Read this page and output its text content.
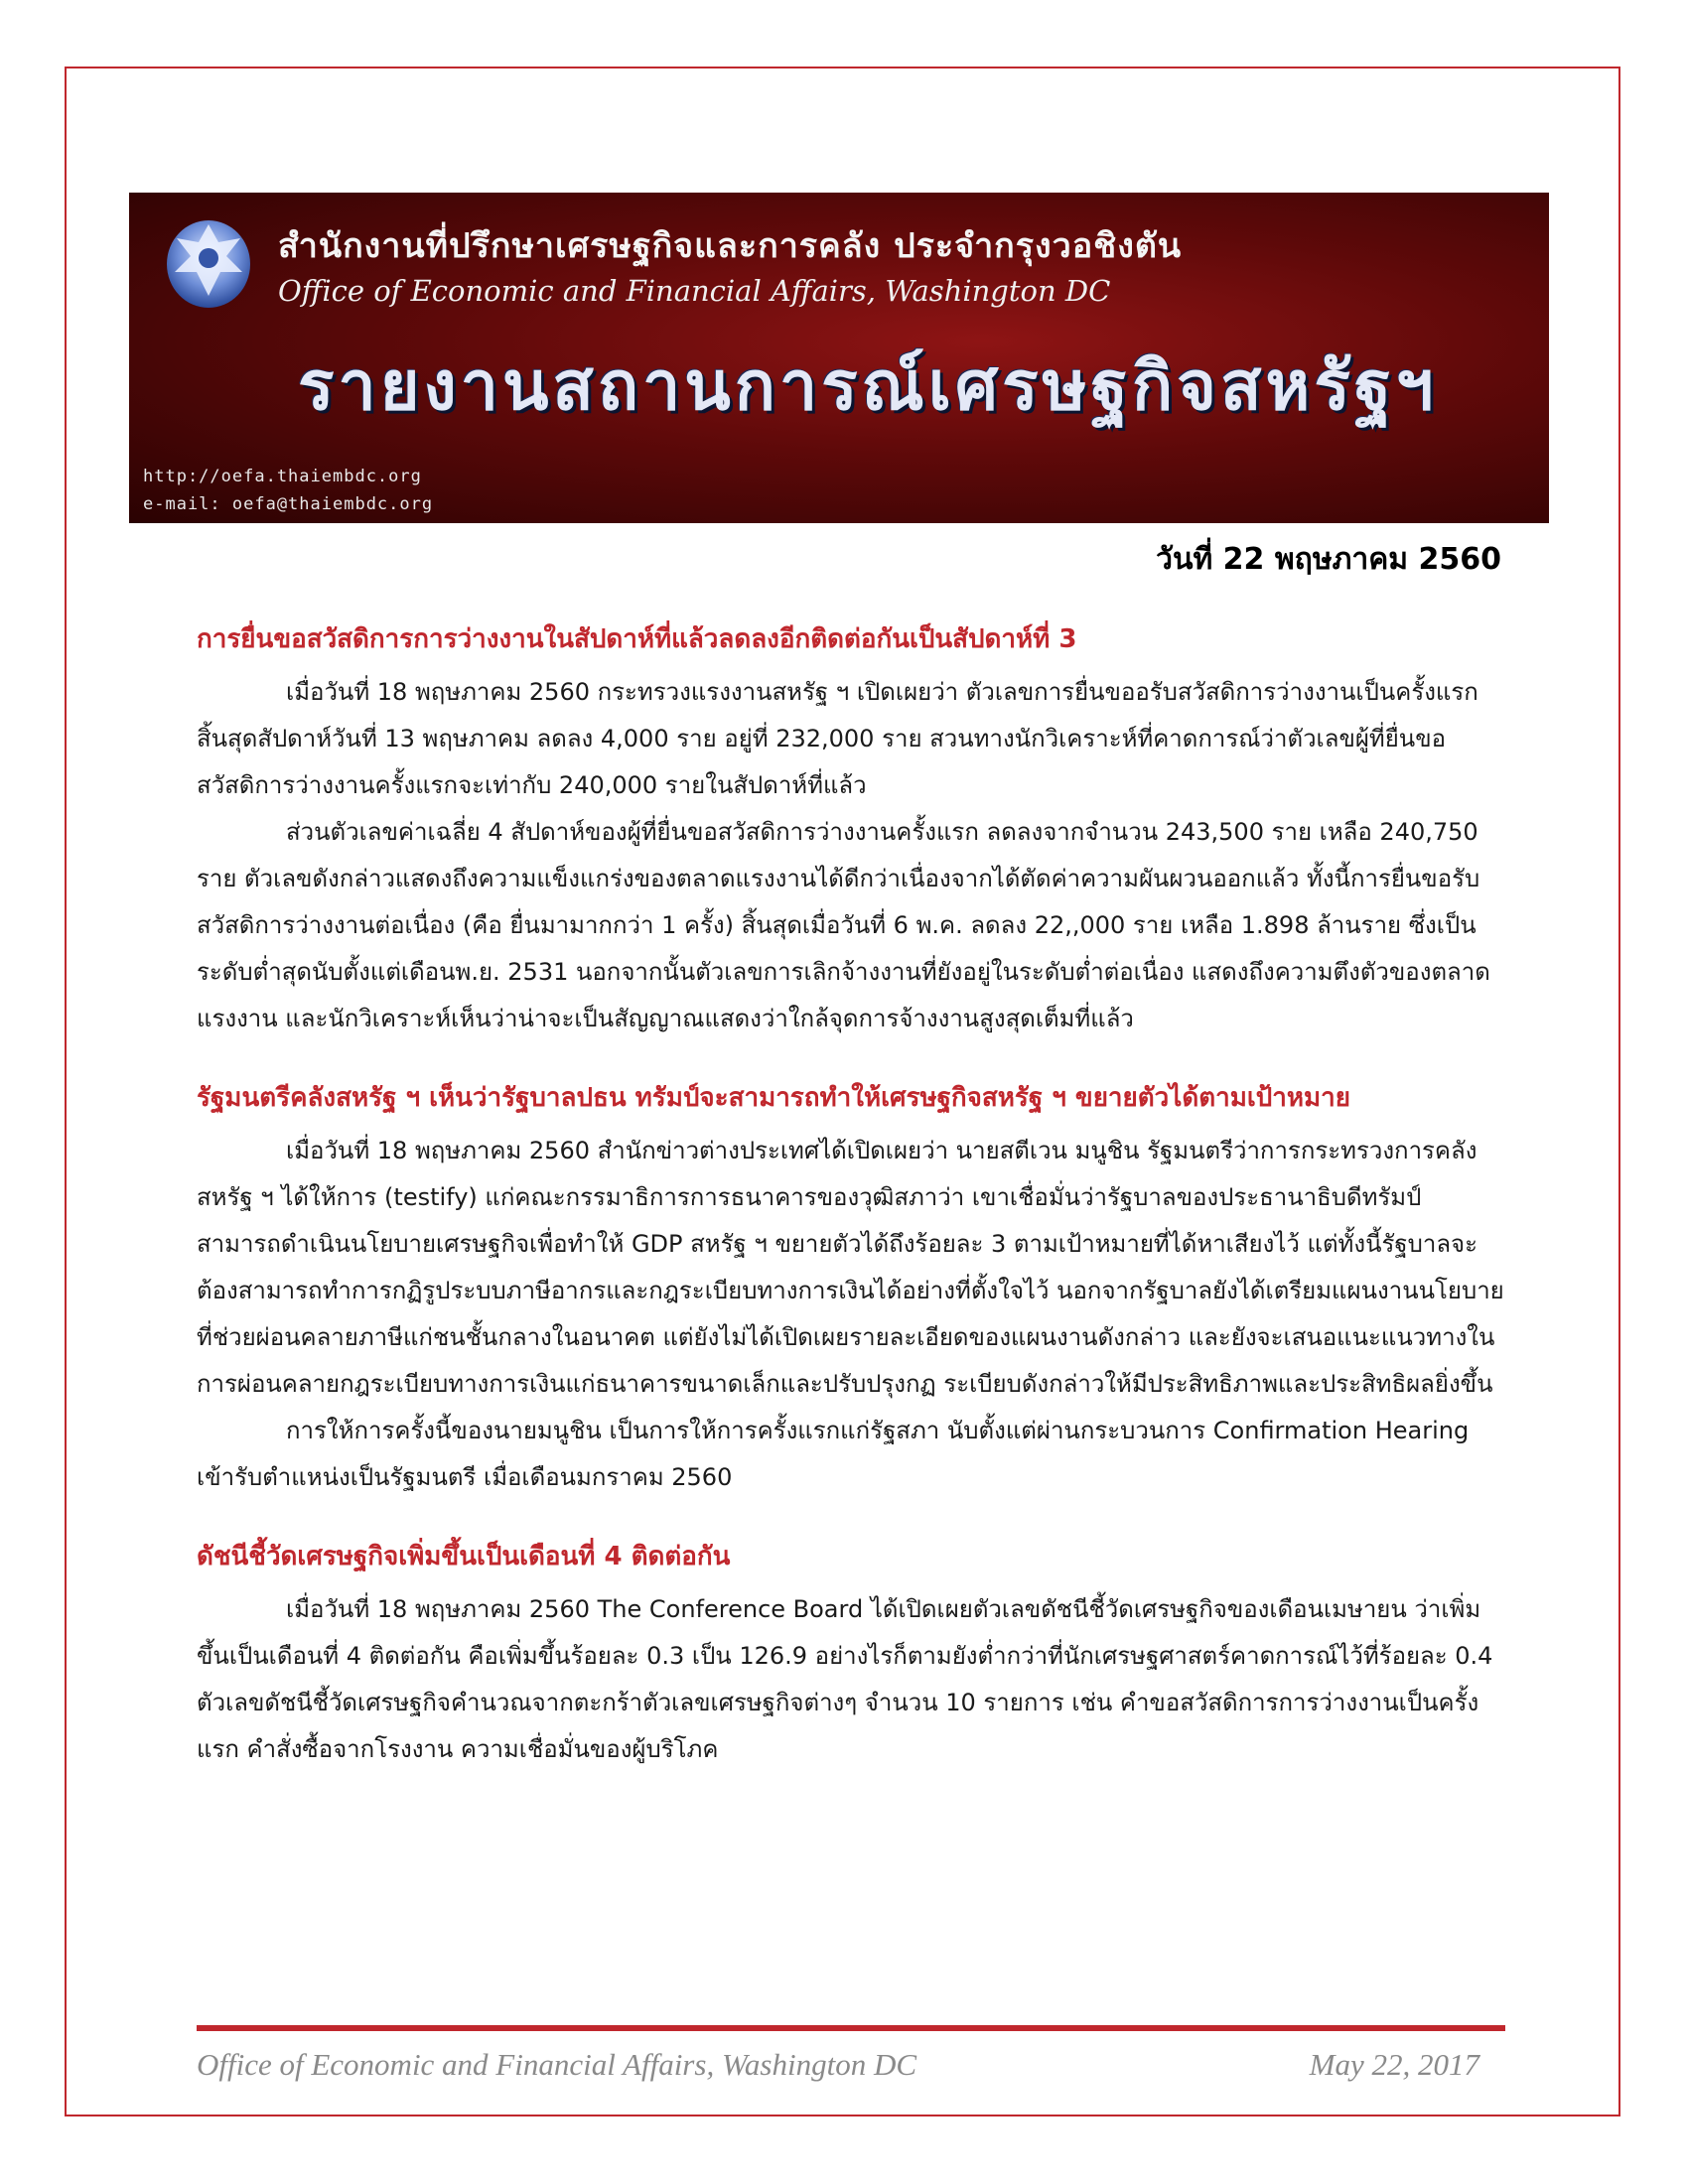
สำนักงานที่ปรึกษาเศรษฐกิจและการคลัง ประจำกรุงวอชิงตัน
Office of Economic and Financial Affairs, Washington DC
รายงานสถานการณ์เศรษฐกิจสหรัฐฯ
http://oefa.thaiembdc.org
e-mail: oefa@thaiembdc.org
วันที่ 22 พฤษภาคม 2560
การยื่นขอสวัสดิการการว่างงานในสัปดาห์ที่แล้วลดลงอีกติดต่อกันเป็นสัปดาห์ที่ 3

เมื่อวันที่ 18 พฤษภาคม 2560 กระทรวงแรงงานสหรัฐ ฯ เปิดเผยว่า ตัวเลขการยื่นขออรับสวัสดิการว่างงานเป็นครั้งแรกสิ้นสุดสัปดาห์วันที่ 13 พฤษภาคม ลดลง 4,000 ราย อยู่ที่ 232,000 ราย สวนทางนักวิเคราะห์ที่คาดการณ์ว่าตัวเลขผู้ที่ยื่นขอสวัสดิการว่างงานครั้งแรกจะเท่ากับ 240,000 รายในสัปดาห์ที่แล้ว

ส่วนตัวเลขค่าเฉลี่ย 4 สัปดาห์ของผู้ที่ยื่นขอสวัสดิการว่างงานครั้งแรก ลดลงจากจำนวน 243,500 ราย เหลือ 240,750 ราย ตัวเลขดังกล่าวแสดงถึงความแข็งแกร่งของตลาดแรงงานได้ดีกว่าเนื่องจากได้ตัดค่าความผันผวนออกแล้ว ทั้งนี้การยื่นขอรับสวัสดิการว่างงานต่อเนื่อง (คือ ยื่นมามากกว่า 1 ครั้ง) สิ้นสุดเมื่อวันที่ 6 พ.ค. ลดลง 22,,000 ราย เหลือ 1.898 ล้านราย ซึ่งเป็นระดับต่ำสุดนับตั้งแต่เดือนพ.ย. 2531 นอกจากนั้นตัวเลขการเลิกจ้างงานที่ยังอยู่ในระดับต่ำต่อเนื่อง แสดงถึงความตึงตัวของตลาดแรงงาน และนักวิเคราะห์เห็นว่าน่าจะเป็นสัญญาณแสดงว่าใกล้จุดการจ้างงานสูงสุดเต็มที่แล้ว

รัฐมนตรีคลังสหรัฐ ฯ เห็นว่ารัฐบาลปธน ทรัมป์จะสามารถทำให้เศรษฐกิจสหรัฐ ฯ ขยายตัวได้ตามเป้าหมาย

เมื่อวันที่ 18 พฤษภาคม 2560 สำนักข่าวต่างประเทศได้เปิดเผยว่า นายสตีเวน มนูชิน รัฐมนตรีว่าการกระทรวงการคลังสหรัฐ ฯ ได้ให้การ (testify) แก่คณะกรรมาธิการการธนาคารของวุฒิสภาว่า เขาเชื่อมั่นว่ารัฐบาลของประธานาธิบดีทรัมป์สามารถดำเนินนโยบายเศรษฐกิจเพื่อทำให้ GDP สหรัฐ ฯ ขยายตัวได้ถึงร้อยละ 3 ตามเป้าหมายที่ได้หาเสียงไว้ แต่ทั้งนี้รัฐบาลจะต้องสามารถทำการกฏิรูประบบภาษีอากรและกฎระเบียบทางการเงินได้อย่างที่ตั้งใจไว้ นอกจากรัฐบาลยังได้เตรียมแผนงานนโยบายที่ช่วยผ่อนคลายภาษีแก่ชนชั้นกลางในอนาคต แต่ยังไม่ได้เปิดเผยรายละเอียดของแผนงานดังกล่าว และยังจะเสนอแนะแนวทางในการผ่อนคลายกฎระเบียบทางการเงินแก่ธนาคารขนาดเล็กและปรับปรุงกฏ ระเบียบดังกล่าวให้มีประสิทธิภาพและประสิทธิผลยิ่งขึ้น

การให้การครั้งนี้ของนายมนูชิน เป็นการให้การครั้งแรกแก่รัฐสภา นับตั้งแต่ผ่านกระบวนการ Confirmation Hearing เข้ารับตำแหน่งเป็นรัฐมนตรี เมื่อเดือนมกราคม 2560

ดัชนีชี้วัดเศรษฐกิจเพิ่มขึ้นเป็นเดือนที่ 4 ติดต่อกัน

เมื่อวันที่ 18 พฤษภาคม 2560 The Conference Board ได้เปิดเผยตัวเลขดัชนีชี้วัดเศรษฐกิจของเดือนเมษายน ว่าเพิ่มขึ้นเป็นเดือนที่ 4 ติดต่อกัน คือเพิ่มขึ้นร้อยละ 0.3 เป็น 126.9 อย่างไรก็ตามยังต่ำกว่าที่นักเศรษฐศาสตร์คาดการณ์ไว้ที่ร้อยละ 0.4 ตัวเลขดัชนีชี้วัดเศรษฐกิจคำนวณจากตะกร้าตัวเลขเศรษฐกิจต่างๆ จำนวน 10 รายการ เช่น คำขอสวัสดิการการว่างงานเป็นครั้งแรก คำสั่งซื้อจากโรงงาน ความเชื่อมั่นของผู้บริโภค

Office of Economic and Financial Affairs, Washington DC	May 22, 2017
